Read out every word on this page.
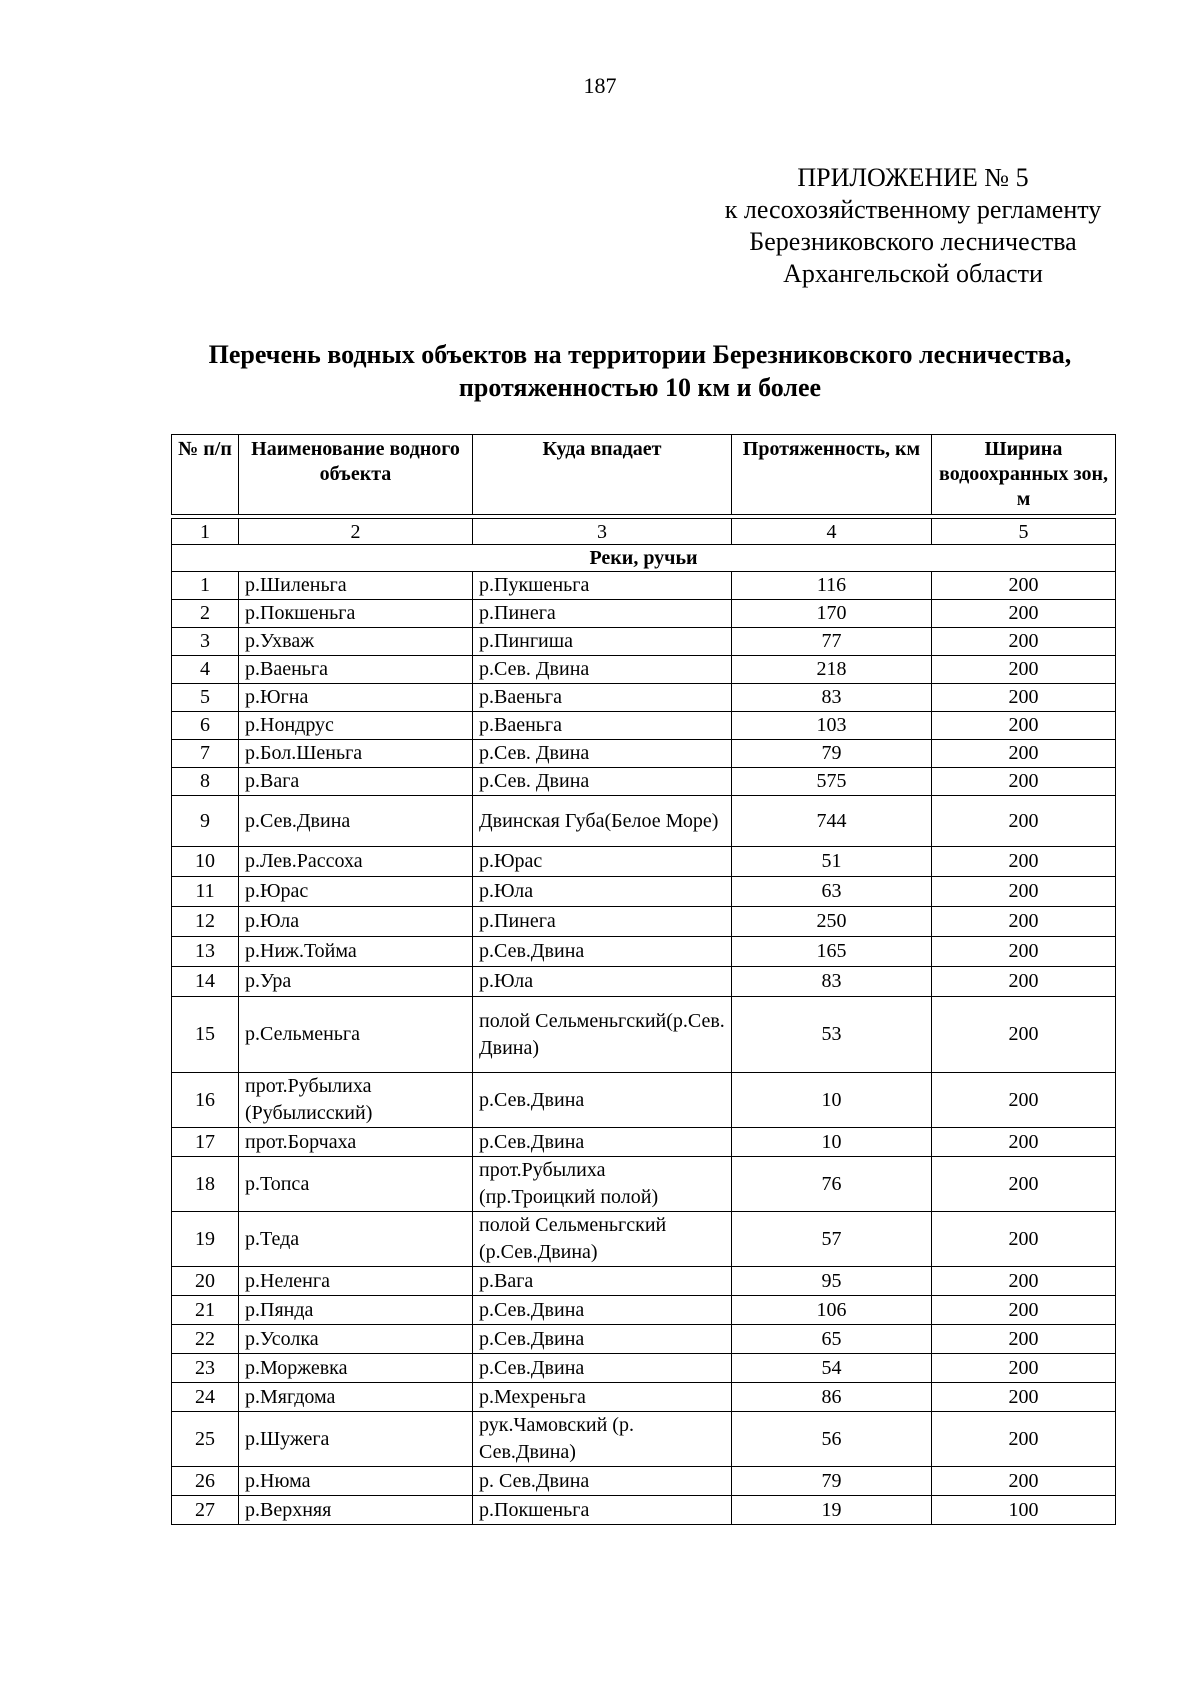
187
ПРИЛОЖЕНИЕ № 5
к лесохозяйственному регламенту
Березниковского лесничества
Архангельской области
Перечень водных объектов на территории Березниковского лесничества,
протяженностью 10 км и более
№ п/п	Наименование водного объекта	Куда впадает	Протяженность, км	Ширина водоохранных зон, м

1	2	3	4	5
Реки, ручьи				
1	р.Шиленьга	р.Пукшеньга	116	200
2	р.Покшеньга	р.Пинега	170	200
3	р.Ухваж	р.Пингиша	77	200
4	р.Ваеньга	р.Сев. Двина	218	200
5	р.Югна	р.Ваеньга	83	200
6	р.Нондрус	р.Ваеньга	103	200
7	р.Бол.Шеньга	р.Сев. Двина	79	200
8	р.Вага	р.Сев. Двина	575	200
9	р.Сев.Двина	Двинская Губа(Белое Море)	744	200
10	р.Лев.Рассоха	р.Юрас	51	200
11	р.Юрас	р.Юла	63	200
12	р.Юла	р.Пинега	250	200
13	р.Ниж.Тойма	р.Сев.Двина	165	200
14	р.Ура	р.Юла	83	200
15	р.Сельменьга	полой Сельменьгский(р.Сев. Двина)	53	200
16	прот.Рубылиха (Рубылисский)	р.Сев.Двина	10	200
17	прот.Борчаха	р.Сев.Двина	10	200
18	р.Топса	прот.Рубылиха (пр.Троицкий полой)	76	200
19	р.Теда	полой Сельменьгский (р.Сев.Двина)	57	200
20	р.Неленга	р.Вага	95	200
21	р.Пянда	р.Сев.Двина	106	200
22	р.Усолка	р.Сев.Двина	65	200
23	р.Моржевка	р.Сев.Двина	54	200
24	р.Мягдома	р.Мехреньга	86	200
25	р.Шужега	рук.Чамовский (р. Сев.Двина)	56	200
26	р.Нюма	р. Сев.Двина	79	200
27	р.Верхняя	р.Покшеньга	19	100
